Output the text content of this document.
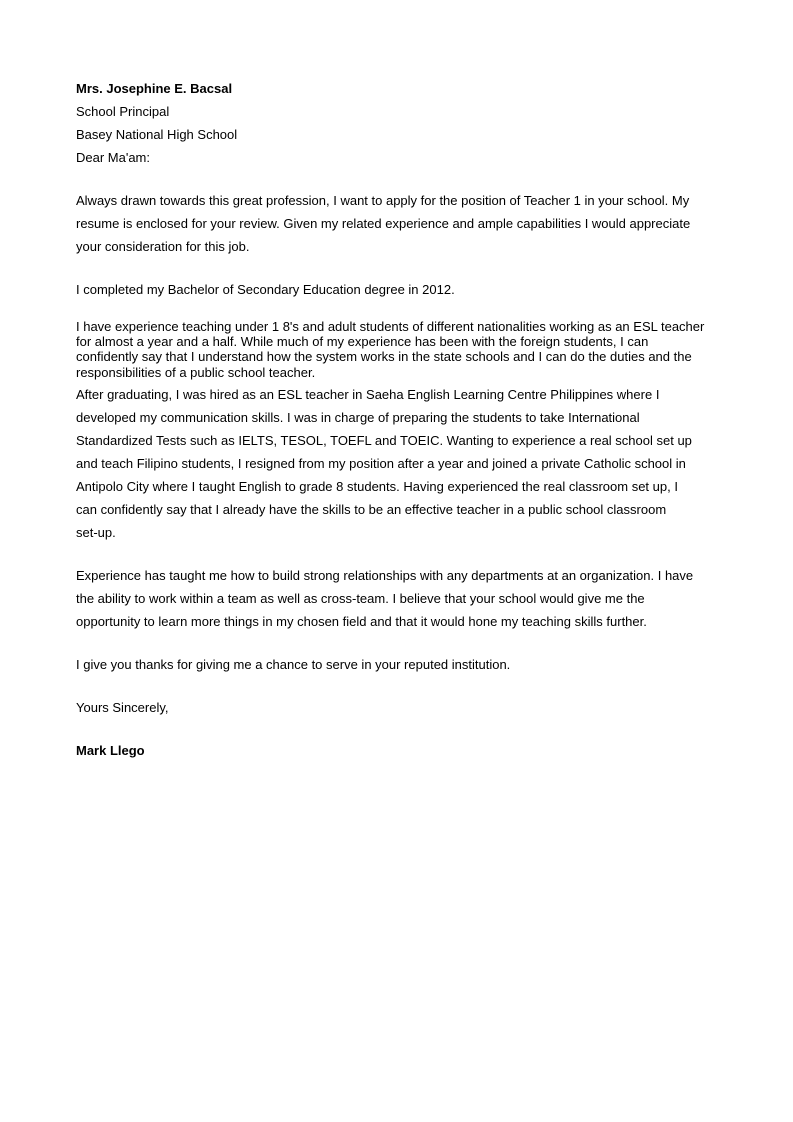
Mrs. Josephine E. Bacsal

School Principal

Basey National High School

Dear Ma'am:

Always drawn towards this great profession, I want to apply for the position of Teacher 1 in your school. My

resume is enclosed for your review. Given my related experience and ample capabilities I would appreciate

your consideration for this job.

I completed my Bachelor of Secondary Education degree in 2012.

I have experience teaching under 1 8's and adult students of different nationalities working as an ESL teacher
for almost a year and a half. While much of my experience has been with the foreign students, I can
confidently say that I understand how the system works in the state schools and I can do the duties and the
responsibilities of a public school teacher.

After graduating, I was hired as an ESL teacher in Saeha English Learning Centre Philippines where I

developed my communication skills. I was in charge of preparing the students to take International

Standardized Tests such as IELTS, TESOL, TOEFL and TOEIC. Wanting to experience a real school set up

and teach Filipino students, I resigned from my position after a year and joined a private Catholic school in

Antipolo City where I taught English to grade 8 students. Having experienced the real classroom set up, I

can confidently say that I already have the skills to be an effective teacher in a public school classroom

set-up.

Experience has taught me how to build strong relationships with any departments at an organization. I have

the ability to work within a team as well as cross-team. I believe that your school would give me the

opportunity to learn more things in my chosen field and that it would hone my teaching skills further.

I give you thanks for giving me a chance to serve in your reputed institution.

Yours Sincerely,

Mark Llego
